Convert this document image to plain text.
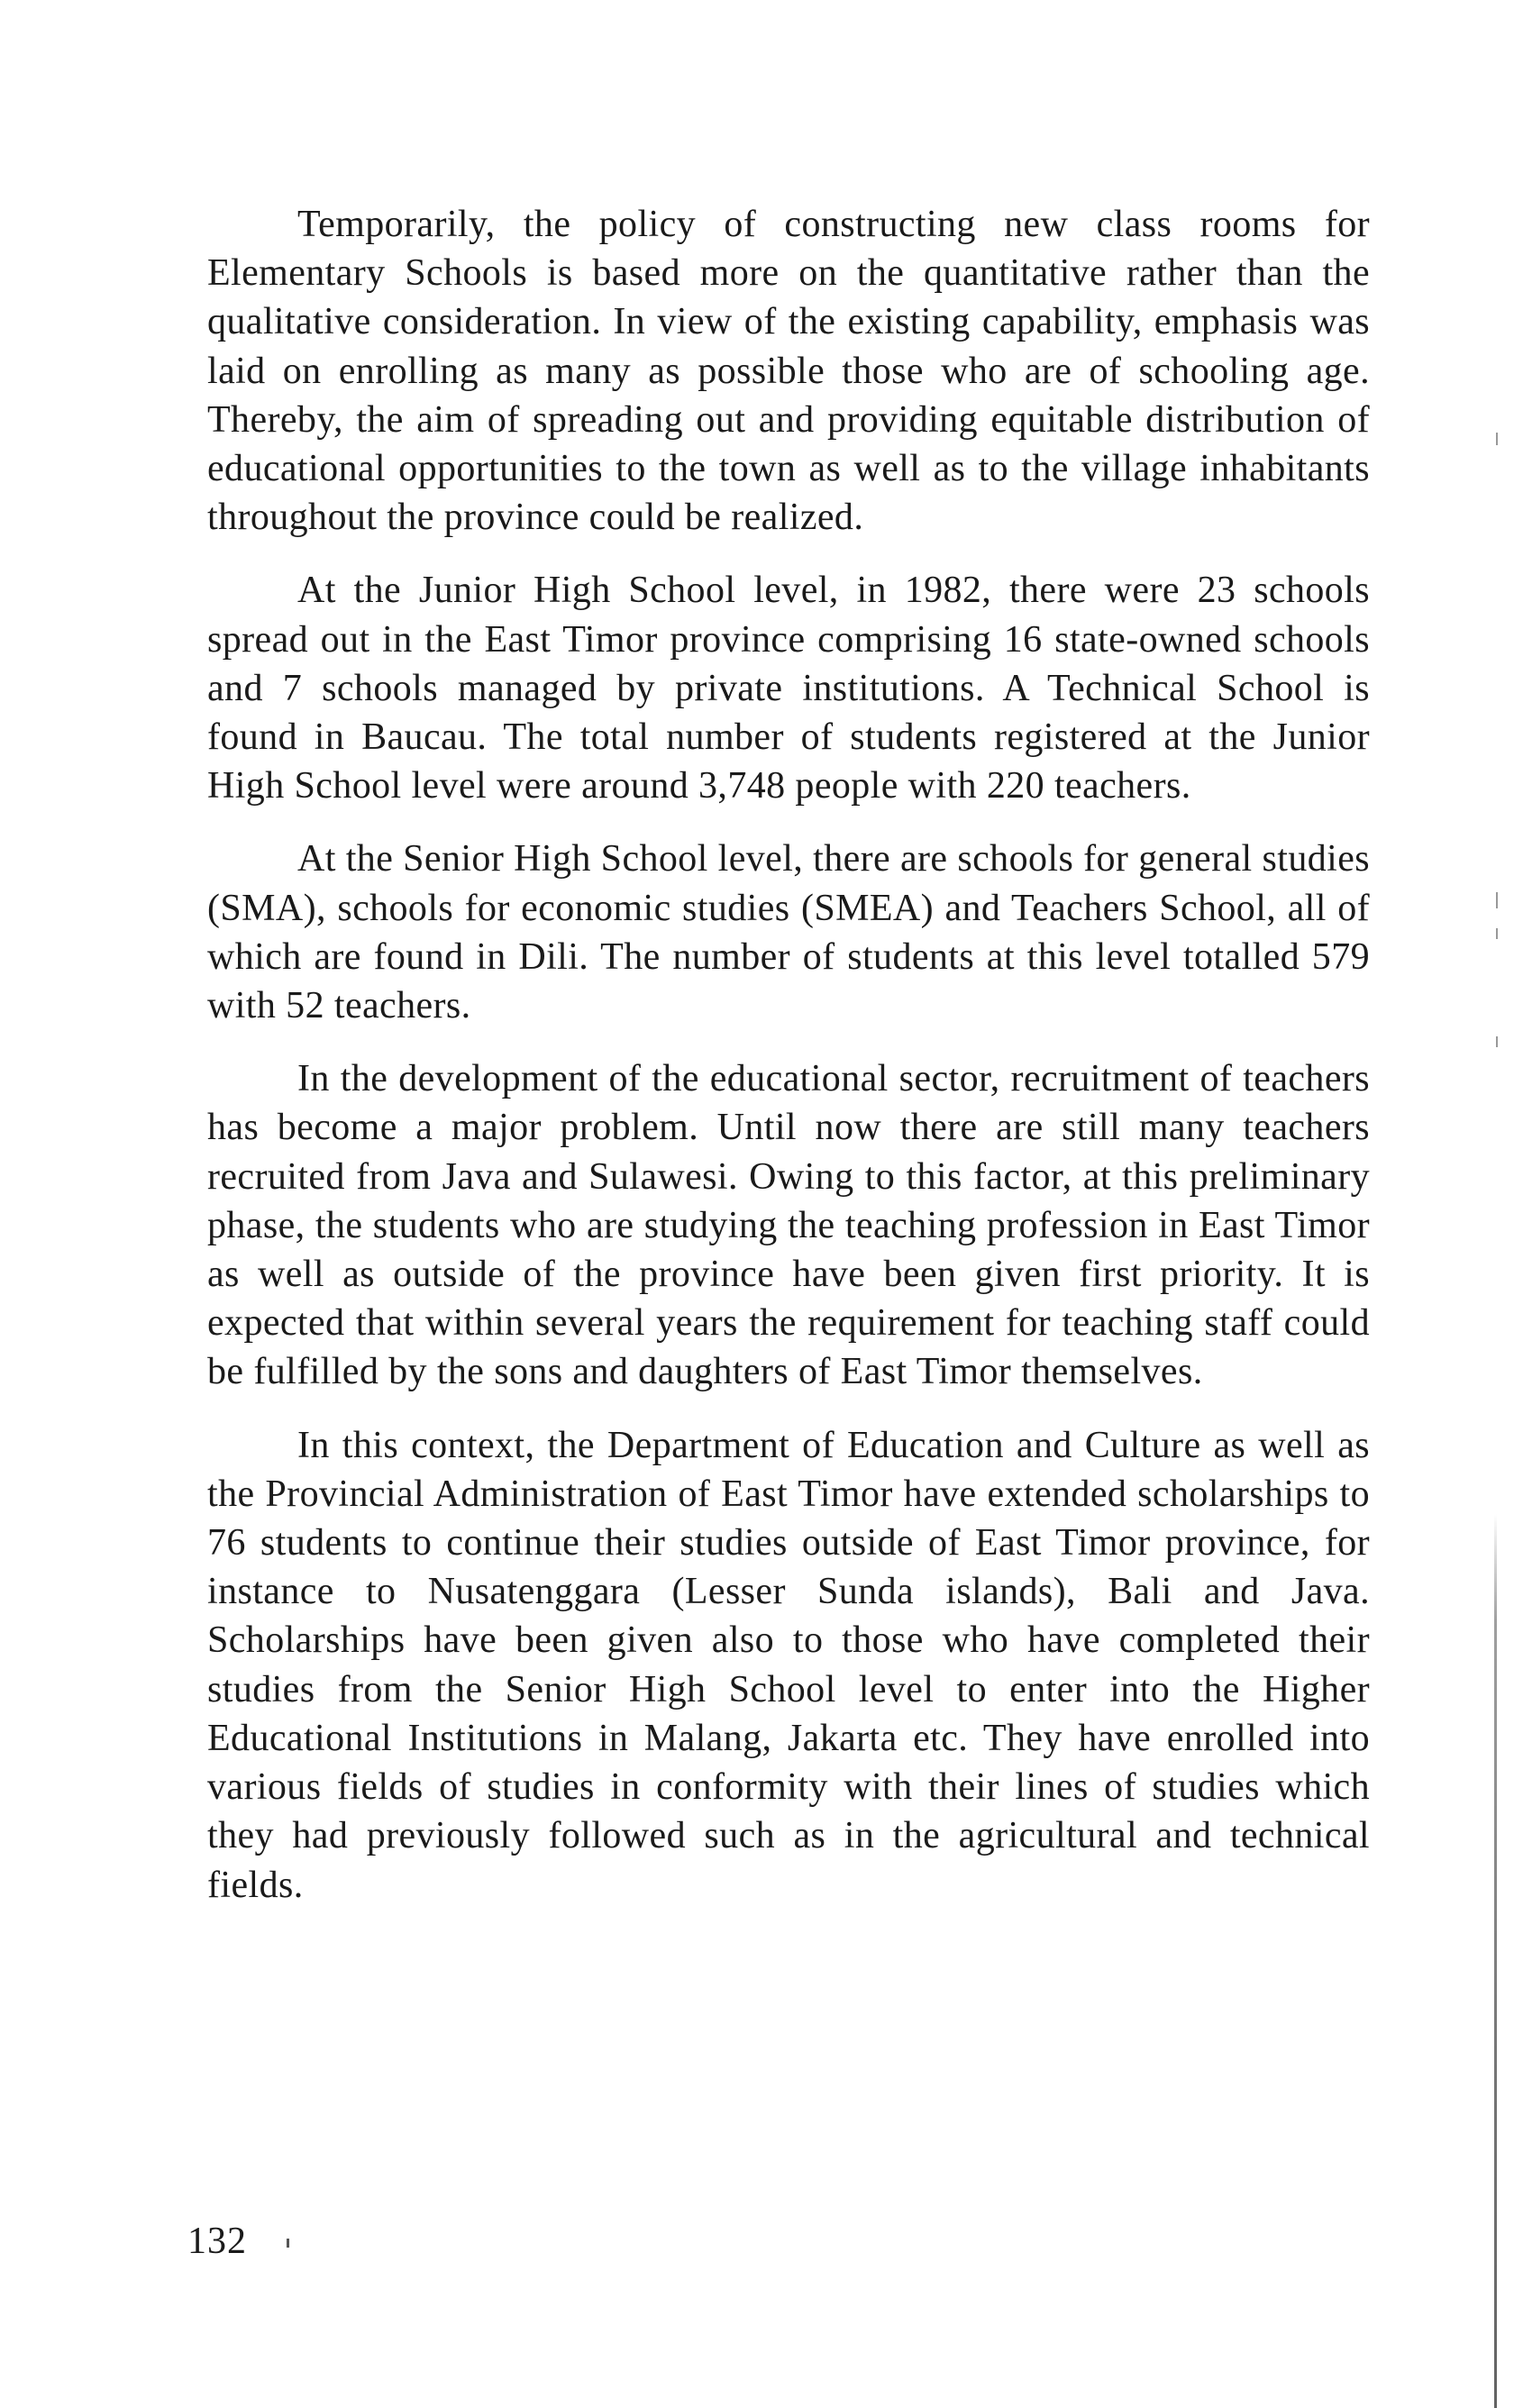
Temporarily, the policy of constructing new class rooms for Elementary Schools is based more on the quantitative rather than the qualitative consideration. In view of the existing capability, emphasis was laid on enrolling as many as possible those who are of schooling age. Thereby, the aim of spreading out and providing equitable distribution of educational opportunities to the town as well as to the village inhabitants throughout the province could be realized.

At the Junior High School level, in 1982, there were 23 schools spread out in the East Timor province comprising 16 state-owned schools and 7 schools managed by private institutions. A Technical School is found in Baucau. The total number of students registered at the Junior High School level were around 3,748 people with 220 teachers.

At the Senior High School level, there are schools for general studies (SMA), schools for economic studies (SMEA) and Teachers School, all of which are found in Dili. The number of students at this level totalled 579 with 52 teachers.

In the development of the educational sector, recruitment of teachers has become a major problem. Until now there are still many teachers recruited from Java and Sulawesi. Owing to this factor, at this preliminary phase, the students who are studying the teaching profession in East Timor as well as outside of the province have been given first priority. It is expected that within several years the requirement for teaching staff could be fulfilled by the sons and daughters of East Timor themselves.

In this context, the Department of Education and Culture as well as the Provincial Administration of East Timor have extended scholarships to 76 students to continue their studies outside of East Timor province, for instance to Nusatenggara (Lesser Sunda islands), Bali and Java. Scholarships have been given also to those who have completed their studies from the Senior High School level to enter into the Higher Educational Institutions in Malang, Jakarta etc. They have enrolled into various fields of studies in conformity with their lines of studies which they had previously followed such as in the agricultural and technical fields.

132
